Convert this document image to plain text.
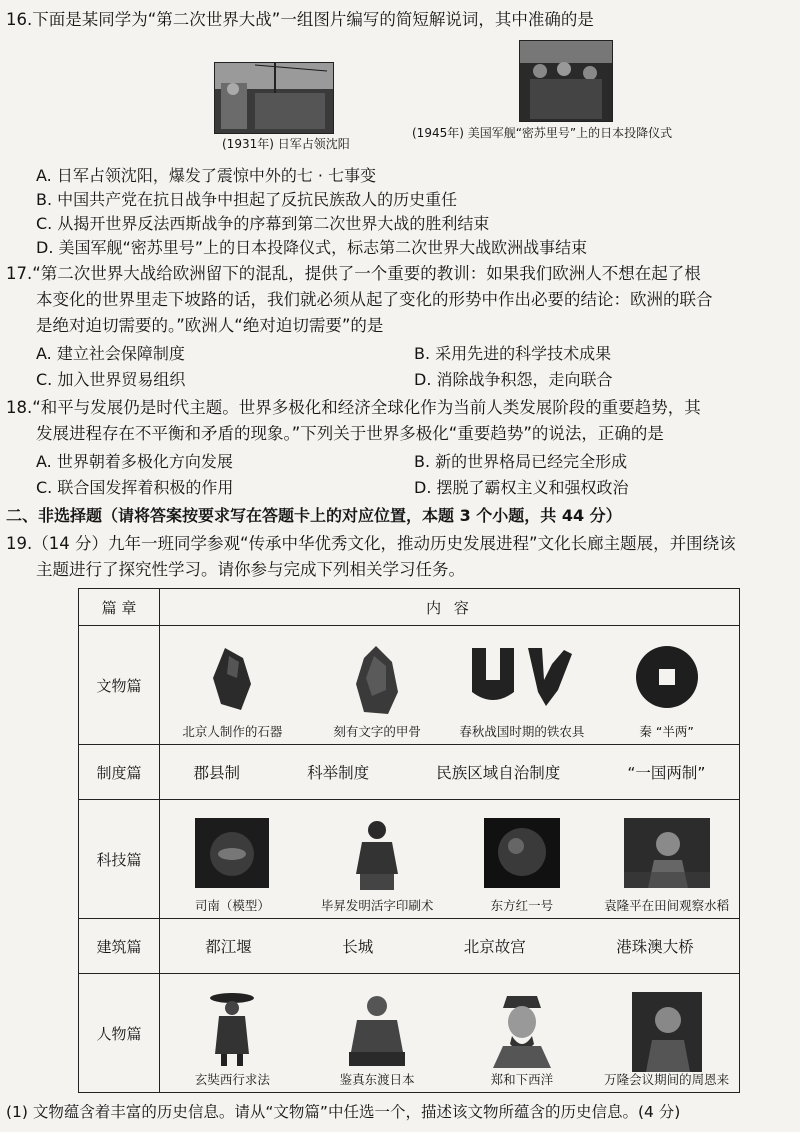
16.下面是某同学为“第二次世界大战”一组图片编写的简短解说词，其中准确的是
(1931年) 日军占领沈阳
(1945年) 美国军舰“密苏里号”上的日本投降仪式
A. 日军占领沈阳，爆发了震惊中外的七 · 七事变
B. 中国共产党在抗日战争中担起了反抗民族敌人的历史重任
C. 从揭开世界反法西斯战争的序幕到第二次世界大战的胜利结束
D. 美国军舰“密苏里号”上的日本投降仪式，标志第二次世界大战欧洲战事结束
17.“第二次世界大战给欧洲留下的混乱，提供了一个重要的教训：如果我们欧洲人不想在起了根
本变化的世界里走下坡路的话，我们就必须从起了变化的形势中作出必要的结论：欧洲的联合
是绝对迫切需要的。”欧洲人“绝对迫切需要”的是
A. 建立社会保障制度	B. 采用先进的科学技术成果
C. 加入世界贸易组织	D. 消除战争积怨，走向联合
18.“和平与发展仍是时代主题。世界多极化和经济全球化作为当前人类发展阶段的重要趋势，其
发展进程存在不平衡和矛盾的现象。”下列关于世界多极化“重要趋势”的说法，正确的是
A. 世界朝着多极化方向发展	B. 新的世界格局已经完全形成
C. 联合国发挥着积极的作用	D. 摆脱了霸权主义和强权政治
二、非选择题（请将答案按要求写在答题卡上的对应位置，本题 3 个小题，共 44 分）
19.（14 分）九年一班同学参观“传承中华优秀文化，推动历史发展进程”文化长廊主题展，并围绕该
主题进行了探究性学习。请你参与完成下列相关学习任务。
篇 章	内 容
文物篇	北京人制作的石器 刻有文字的甲骨 春秋战国时期的铁农具 秦 “半两”

制度篇	郡县制 科举制度 民族区域自治制度 “一国两制”

科技篇	司南（模型） 毕昇发明活字印刷术 东方红一号 袁隆平在田间观察水稻

建筑篇	都江堰 长城 北京故宫 港珠澳大桥

人物篇	玄奘西行求法 鉴真东渡日本 郑和下西洋 万隆会议期间的周恩来
(1) 文物蕴含着丰富的历史信息。请从“文物篇”中任选一个，描述该文物所蕴含的历史信息。(4 分)
